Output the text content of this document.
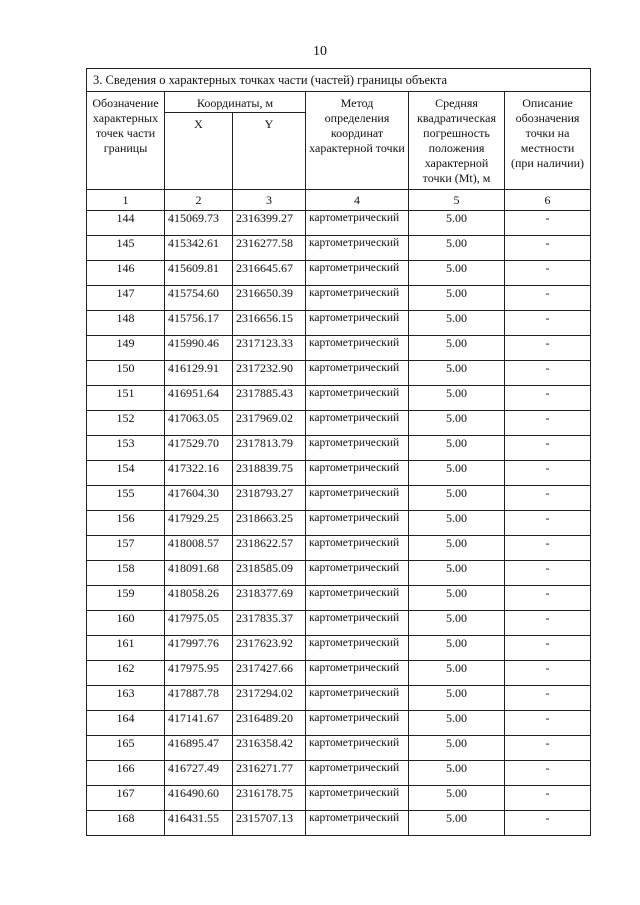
10
3. Сведения о характерных точках части (частей) границы объекта					
Обозначение характерных точек части границы	Координаты, м		Метод определения координат характерной точки	Средняя квадратическая погрешность положения характерной точки (Mt), м	Описание обозначения точки на местности (при наличии)
	X	Y			
1	2	3	4	5	6
144	415069.73	2316399.27	картометрический	5.00	-
145	415342.61	2316277.58	картометрический	5.00	-
146	415609.81	2316645.67	картометрический	5.00	-
147	415754.60	2316650.39	картометрический	5.00	-
148	415756.17	2316656.15	картометрический	5.00	-
149	415990.46	2317123.33	картометрический	5.00	-
150	416129.91	2317232.90	картометрический	5.00	-
151	416951.64	2317885.43	картометрический	5.00	-
152	417063.05	2317969.02	картометрический	5.00	-
153	417529.70	2317813.79	картометрический	5.00	-
154	417322.16	2318839.75	картометрический	5.00	-
155	417604.30	2318793.27	картометрический	5.00	-
156	417929.25	2318663.25	картометрический	5.00	-
157	418008.57	2318622.57	картометрический	5.00	-
158	418091.68	2318585.09	картометрический	5.00	-
159	418058.26	2318377.69	картометрический	5.00	-
160	417975.05	2317835.37	картометрический	5.00	-
161	417997.76	2317623.92	картометрический	5.00	-
162	417975.95	2317427.66	картометрический	5.00	-
163	417887.78	2317294.02	картометрический	5.00	-
164	417141.67	2316489.20	картометрический	5.00	-
165	416895.47	2316358.42	картометрический	5.00	-
166	416727.49	2316271.77	картометрический	5.00	-
167	416490.60	2316178.75	картометрический	5.00	-
168	416431.55	2315707.13	картометрический	5.00	-
